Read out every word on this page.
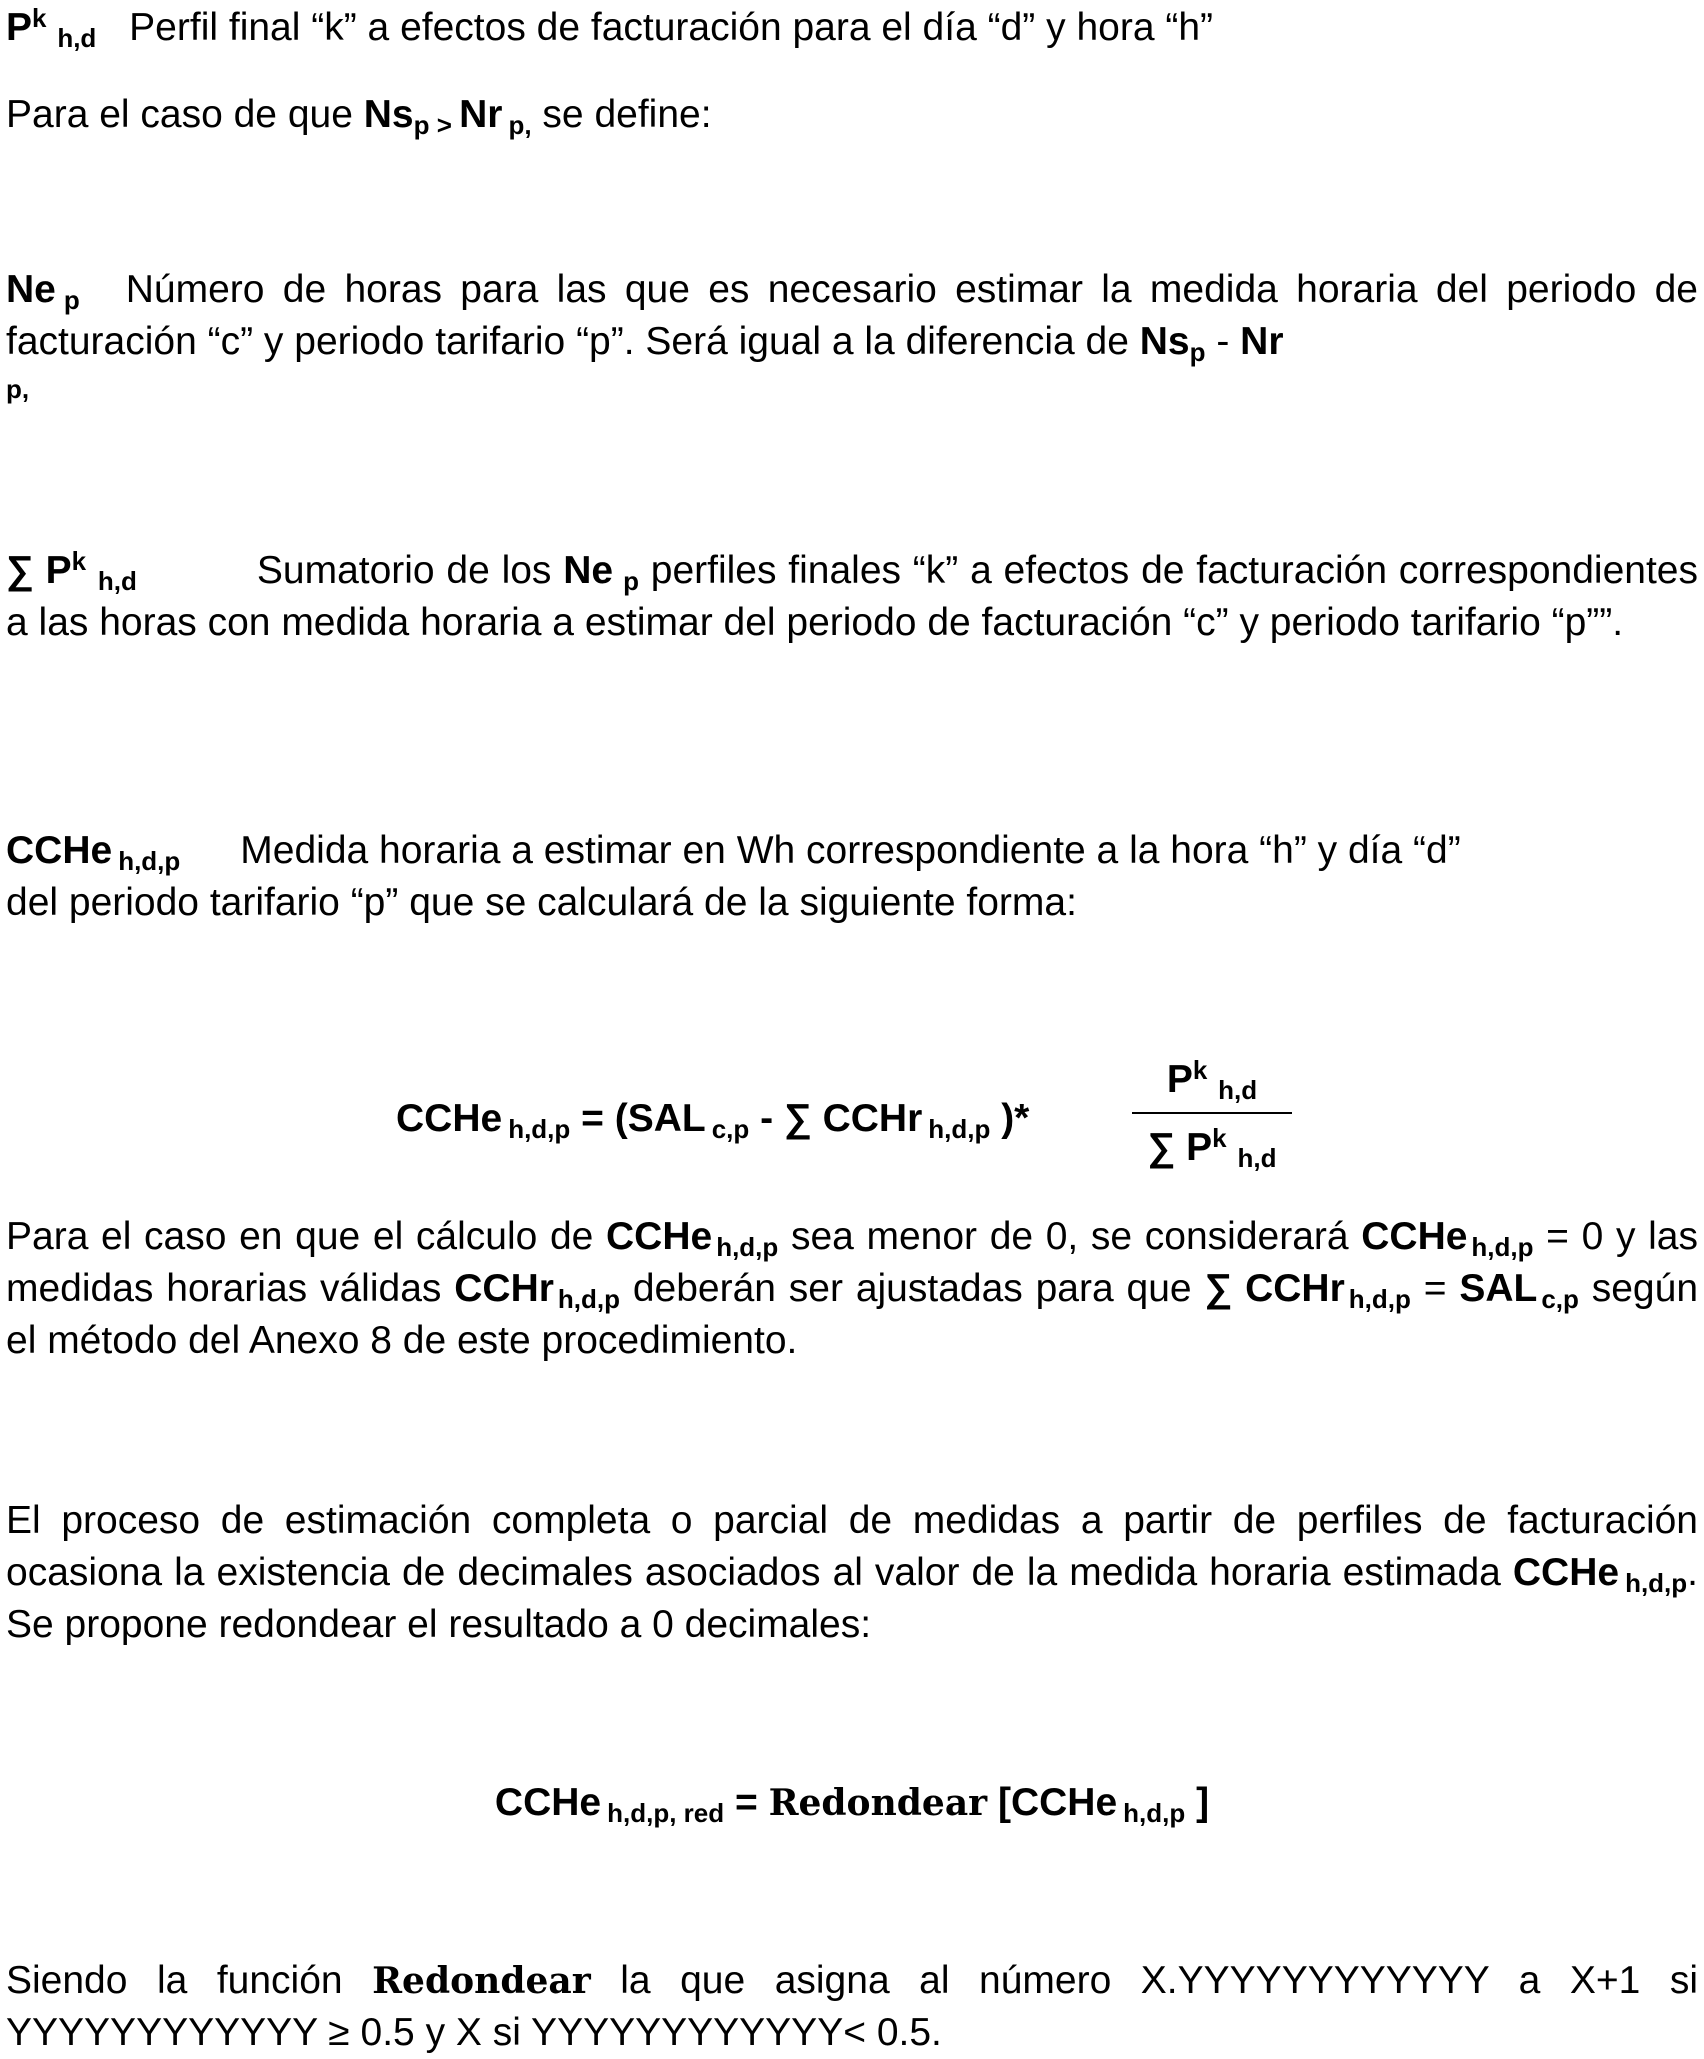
$P^k$ $_{h,d}$ Perfil final “k” a efectos de facturación para el día “d” y hora “h”
Para el caso de que $Ns_{p >}$ Nr $_{p,}$ se define:
Ne $_p$ Número de horas para las que es necesario estimar la medida horaria del periodo de facturación “c” y periodo tarifario “p”. Será igual a la diferencia de $Ns_p$ - Nr
$^{p,}$
∑ $P^k$ $_{h,d}$	Sumatorio de los Ne $_p$ perfiles finales “k” a efectos de facturación correspondientes a las horas con medida horaria a estimar del periodo de facturación “c” y periodo tarifario “p””.
CCHe $_{h,d,p}$ Medida horaria a estimar en Wh correspondiente a la hora “h” y día “d”
del periodo tarifario “p” que se calculará de la siguiente forma:
CCHe $_{h,d,p}$ = (SAL $_{c,p}$ - ∑ CCHr $_{h,d,p}$ )*
$P^k$ $_{h,d}$
∑ $P^k$ $_{h,d}$
Para el caso en que el cálculo de CCHe $_{h,d,p}$ sea menor de 0, se considerará CCHe $_{h,d,p}$ = 0 y las medidas horarias válidas CCHr $_{h,d,p}$ deberán ser ajustadas para que ∑ CCHr $_{h,d,p}$ = SAL $_{c,p}$ según el método del Anexo 8 de este procedimiento.
El proceso de estimación completa o parcial de medidas a partir de perfiles de facturación ocasiona la existencia de decimales asociados al valor de la medida horaria estimada CCHe $_{h,d,p}$. Se propone redondear el resultado a 0 decimales:
CCHe $_{h,d,p, red}$ = Redondear [CCHe $_{h,d,p}$ ]
Siendo la función Redondear la que asigna al número X.YYYYYYYYYYYY a X+1 si YYYYYYYYYYYY ≥ 0.5 y X si YYYYYYYYYYYY< 0.5.
